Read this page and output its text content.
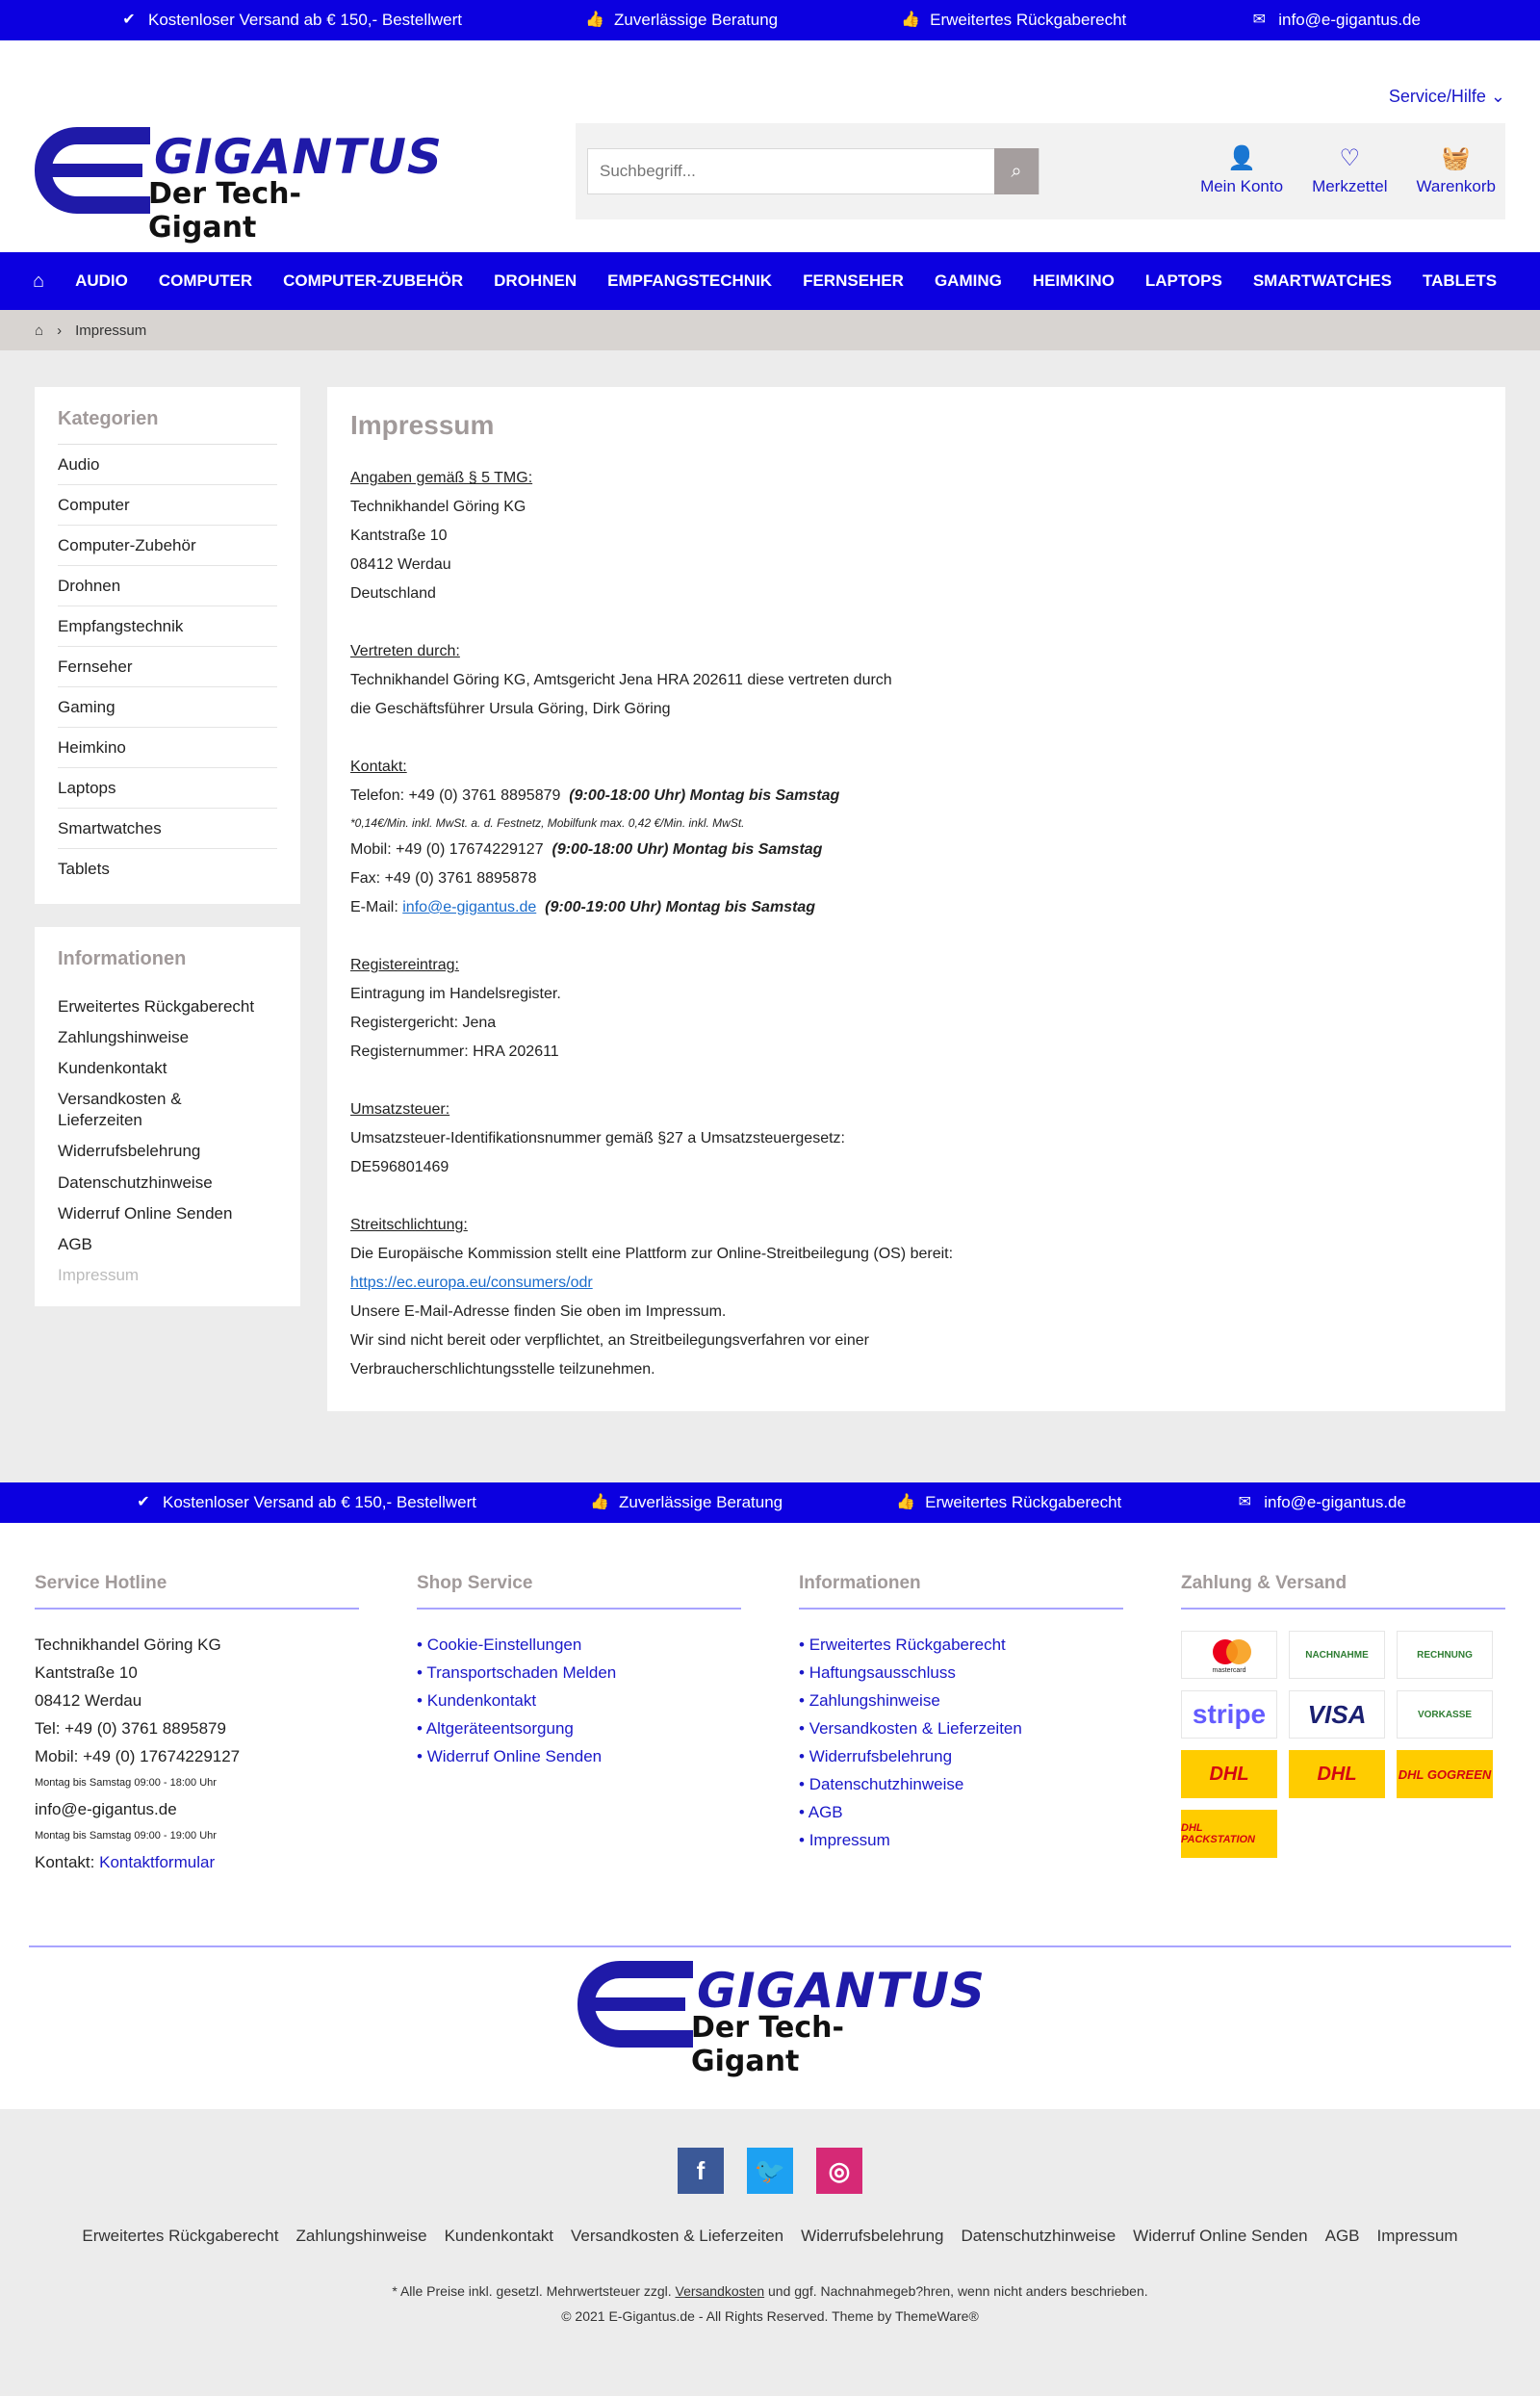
✔ Kostenloser Versand ab € 150,- Bestellwert	👍 Zuverlässige Beratung	👍 Erweitertes Rückgaberecht	✉ info@e-gigantus.de
Service/Hilfe ⌄
GIGANTUS
Der Tech-Gigant
Suchbegriff...
⌕	👤
Mein Konto
♡
Merkzettel
🧺
Warenkorb
⌂ AUDIO COMPUTER COMPUTER-ZUBEHÖR DROHNEN EMPFANGSTECHNIK FERNSEHER GAMING HEIMKINO LAPTOPS SMARTWATCHES TABLETS
⌂ › Impressum
Kategorien
Audio
Computer
Computer-Zubehör
Drohnen
Empfangstechnik
Fernseher
Gaming
Heimkino
Laptops
Smartwatches
Tablets
Informationen
Erweitertes Rückgaberecht
Zahlungshinweise
Kundenkontakt
Versandkosten & Lieferzeiten
Widerrufsbelehrung
Datenschutzhinweise
Widerruf Online Senden
AGB
Impressum
Impressum
Angaben gemäß § 5 TMG:
Technikhandel Göring KG
Kantstraße 10
08412 Werdau
Deutschland
Vertreten durch:
Technikhandel Göring KG, Amtsgericht Jena HRA 202611 diese vertreten durch
die Geschäftsführer Ursula Göring, Dirk Göring
Kontakt:
Telefon: +49 (0) 3761 8895879 (9:00-18:00 Uhr) Montag bis Samstag
*0,14€/Min. inkl. MwSt. a. d. Festnetz, Mobilfunk max. 0,42 €/Min. inkl. MwSt.
Mobil: +49 (0) 17674229127 (9:00-18:00 Uhr) Montag bis Samstag
Fax: +49 (0) 3761 8895878
E-Mail: info@e-gigantus.de (9:00-19:00 Uhr) Montag bis Samstag
Registereintrag:
Eintragung im Handelsregister.
Registergericht: Jena
Registernummer: HRA 202611
Umsatzsteuer:
Umsatzsteuer-Identifikationsnummer gemäß §27 a Umsatzsteuergesetz:
DE596801469
Streitschlichtung:
Die Europäische Kommission stellt eine Plattform zur Online-Streitbeilegung (OS) bereit:
https://ec.europa.eu/consumers/odr
Unsere E-Mail-Adresse finden Sie oben im Impressum.
Wir sind nicht bereit oder verpflichtet, an Streitbeilegungsverfahren vor einer
Verbraucherschlichtungsstelle teilzunehmen.
✔ Kostenloser Versand ab € 150,- Bestellwert	👍 Zuverlässige Beratung	👍 Erweitertes Rückgaberecht	✉ info@e-gigantus.de
Service Hotline
Technikhandel Göring KG
Kantstraße 10
08412 Werdau
Tel: +49 (0) 3761 8895879
Mobil: +49 (0) 17674229127
Montag bis Samstag 09:00 - 18:00 Uhr
info@e-gigantus.de
Montag bis Samstag 09:00 - 19:00 Uhr
Kontakt: Kontaktformular
Shop Service
• Cookie-Einstellungen
• Transportschaden Melden
• Kundenkontakt
• Altgeräteentsorgung
• Widerruf Online Senden
Informationen
• Erweitertes Rückgaberecht
• Haftungsausschluss
• Zahlungshinweise
• Versandkosten & Lieferzeiten
• Widerrufsbelehrung
• Datenschutzhinweise
• AGB
• Impressum
Zahlung & Versand
mastercard
NACHNAHME	RECHNUNG
stripe	VISA	VORKASSE
DHL	DHL	DHL GOGREEN
DHL PACKSTATION
GIGANTUS
Der Tech-Gigant
f	🐦	◎
Erweitertes Rückgaberecht Zahlungshinweise Kundenkontakt Versandkosten & Lieferzeiten Widerrufsbelehrung Datenschutzhinweise Widerruf Online Senden AGB Impressum
* Alle Preise inkl. gesetzl. Mehrwertsteuer zzgl. Versandkosten und ggf. Nachnahmegeb?hren, wenn nicht anders beschrieben.
© 2021 E-Gigantus.de - All Rights Reserved. Theme by ThemeWare®
